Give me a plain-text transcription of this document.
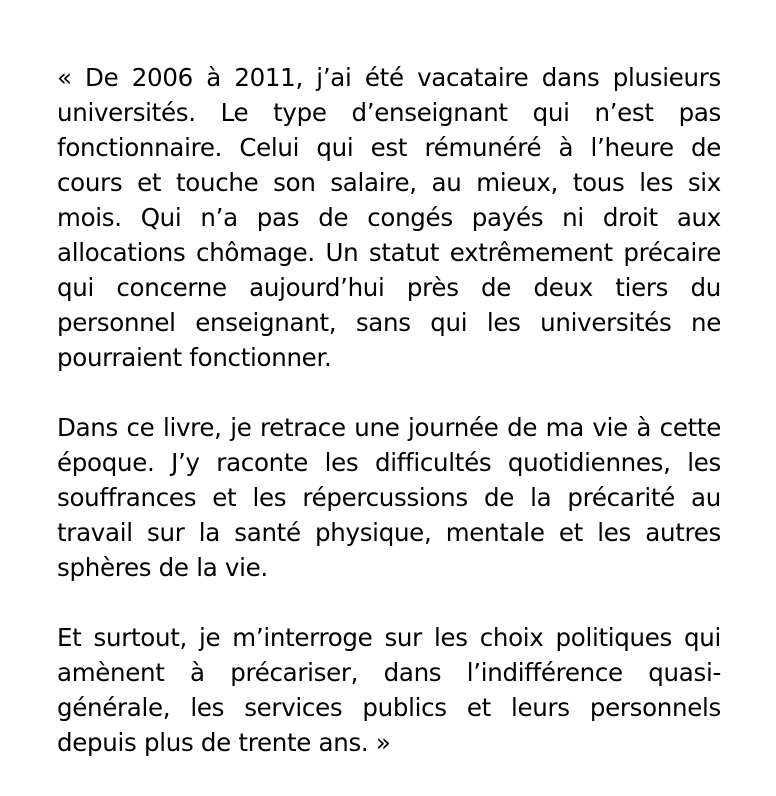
« De 2006 à 2011, j’ai été vacataire dans plusieurs universités. Le type d’enseignant qui n’est pas fonctionnaire. Celui qui est rémunéré à l’heure de cours et touche son salaire, au mieux, tous les six mois. Qui n’a pas de congés payés ni droit aux allocations chômage. Un statut extrêmement précaire qui concerne aujourd’hui près de deux tiers du personnel enseignant, sans qui les universités ne pourraient fonctionner.

Dans ce livre, je retrace une journée de ma vie à cette époque. J’y raconte les difficultés quotidiennes, les souffrances et les répercussions de la précarité au travail sur la santé physique, mentale et les autres sphères de la vie.

Et surtout, je m’interroge sur les choix politiques qui amènent à précariser, dans l’indifférence quasi-générale, les services publics et leurs personnels depuis plus de trente ans. »
